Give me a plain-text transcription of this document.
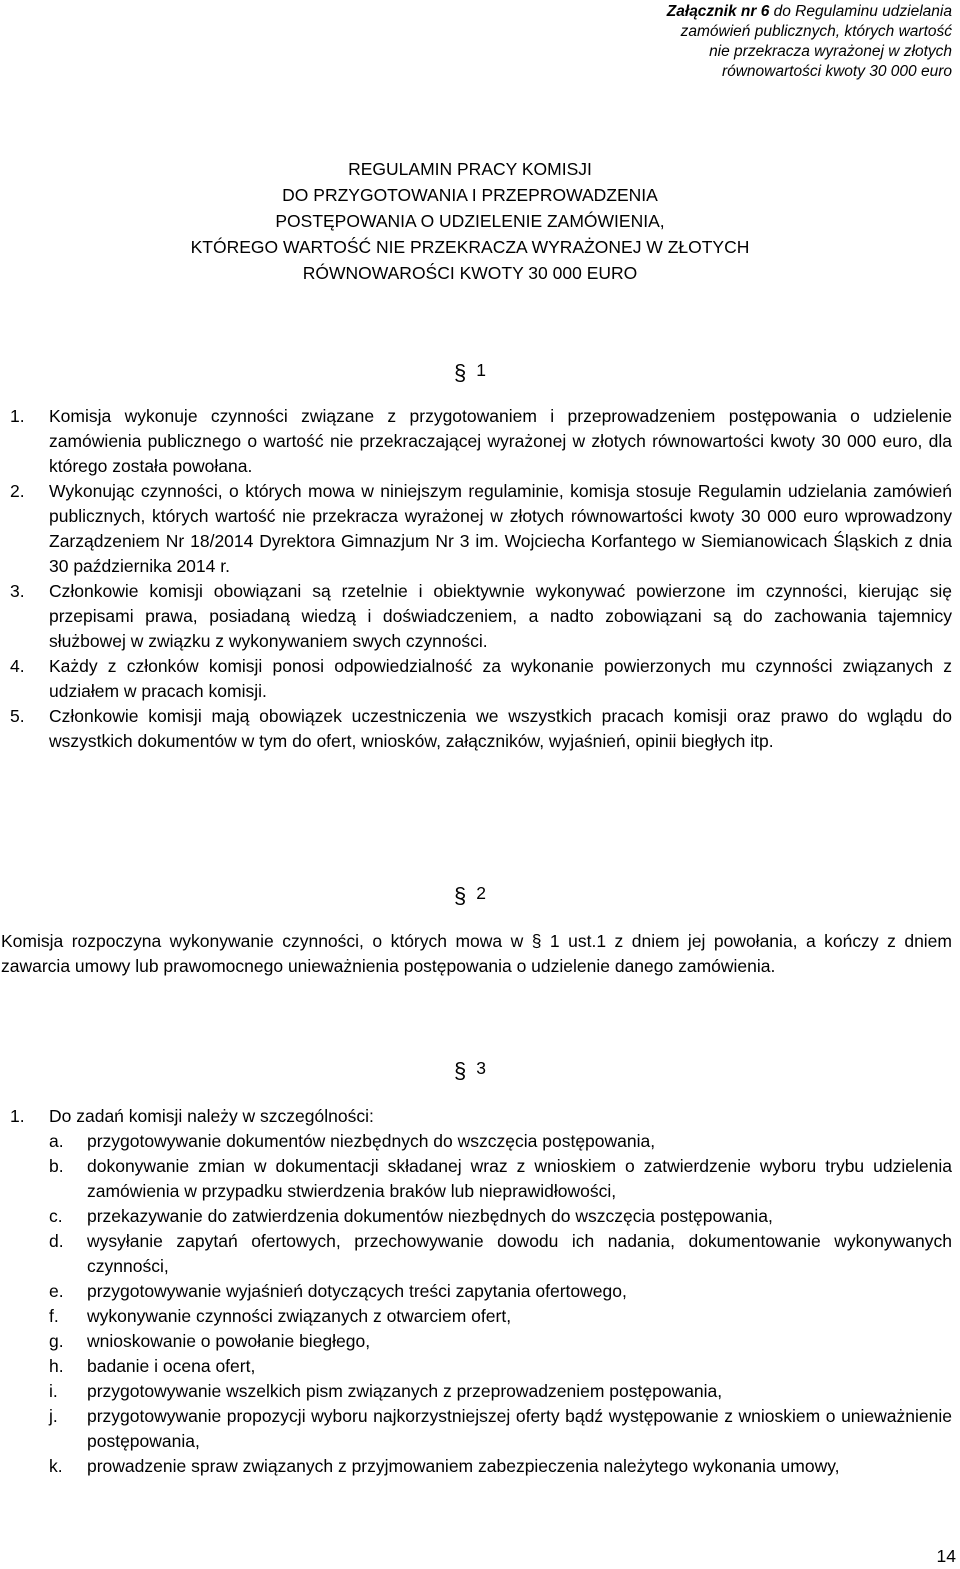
Załącznik nr 6 do Regulaminu udzielania
zamówień publicznych, których wartość
nie przekracza wyrażonej w złotych
równowartości kwoty 30 000 euro
REGULAMIN PRACY KOMISJI
DO PRZYGOTOWANIA I PRZEPROWADZENIA
POSTĘPOWANIA O UDZIELENIE ZAMÓWIENIA,
KTÓREGO WARTOŚĆ NIE PRZEKRACZA WYRAŻONEJ W ZŁOTYCH
RÓWNOWAROŚCI KWOTY 30 000 EURO
§ 1
1. Komisja wykonuje czynności związane z przygotowaniem i przeprowadzeniem postępowania o udzielenie zamówienia publicznego o wartość nie przekraczającej wyrażonej w złotych równowartości kwoty 30 000 euro, dla którego została powołana.
2. Wykonując czynności, o których mowa w niniejszym regulaminie, komisja stosuje Regulamin udzielania zamówień publicznych, których wartość nie przekracza wyrażonej w złotych równowartości kwoty 30 000 euro wprowadzony Zarządzeniem Nr 18/2014 Dyrektora Gimnazjum Nr 3 im. Wojciecha Korfantego w Siemianowicach Śląskich z dnia 30 października 2014 r.
3. Członkowie komisji obowiązani są rzetelnie i obiektywnie wykonywać powierzone im czynności, kierując się przepisami prawa, posiadaną wiedzą i doświadczeniem, a nadto zobowiązani są do zachowania tajemnicy służbowej w związku z wykonywaniem swych czynności.
4. Każdy z członków komisji ponosi odpowiedzialność za wykonanie powierzonych mu czynności związanych z udziałem w pracach komisji.
5. Członkowie komisji mają obowiązek uczestniczenia we wszystkich pracach komisji oraz prawo do wglądu do wszystkich dokumentów w tym do ofert, wniosków, załączników, wyjaśnień, opinii biegłych itp.
§ 2
Komisja rozpoczyna wykonywanie czynności, o których mowa w § 1 ust.1 z dniem jej powołania, a kończy z dniem zawarcia umowy lub prawomocnego unieważnienia postępowania o udzielenie danego zamówienia.
§ 3
1. Do zadań komisji należy w szczególności:
a. przygotowywanie dokumentów niezbędnych do wszczęcia postępowania,
b. dokonywanie zmian w dokumentacji składanej wraz z wnioskiem o zatwierdzenie wyboru trybu udzielenia zamówienia w przypadku stwierdzenia braków lub nieprawidłowości,
c. przekazywanie do zatwierdzenia dokumentów niezbędnych do wszczęcia postępowania,
d. wysyłanie zapytań ofertowych, przechowywanie dowodu ich nadania, dokumentowanie wykonywanych czynności,
e. przygotowywanie wyjaśnień dotyczących treści zapytania ofertowego,
f. wykonywanie czynności związanych z otwarciem ofert,
g. wnioskowanie o powołanie biegłego,
h. badanie i ocena ofert,
i. przygotowywanie wszelkich pism związanych z przeprowadzeniem postępowania,
j. przygotowywanie propozycji wyboru najkorzystniejszej oferty bądź występowanie z wnioskiem o unieważnienie postępowania,
k. prowadzenie spraw związanych z przyjmowaniem zabezpieczenia należytego wykonania umowy,
14
